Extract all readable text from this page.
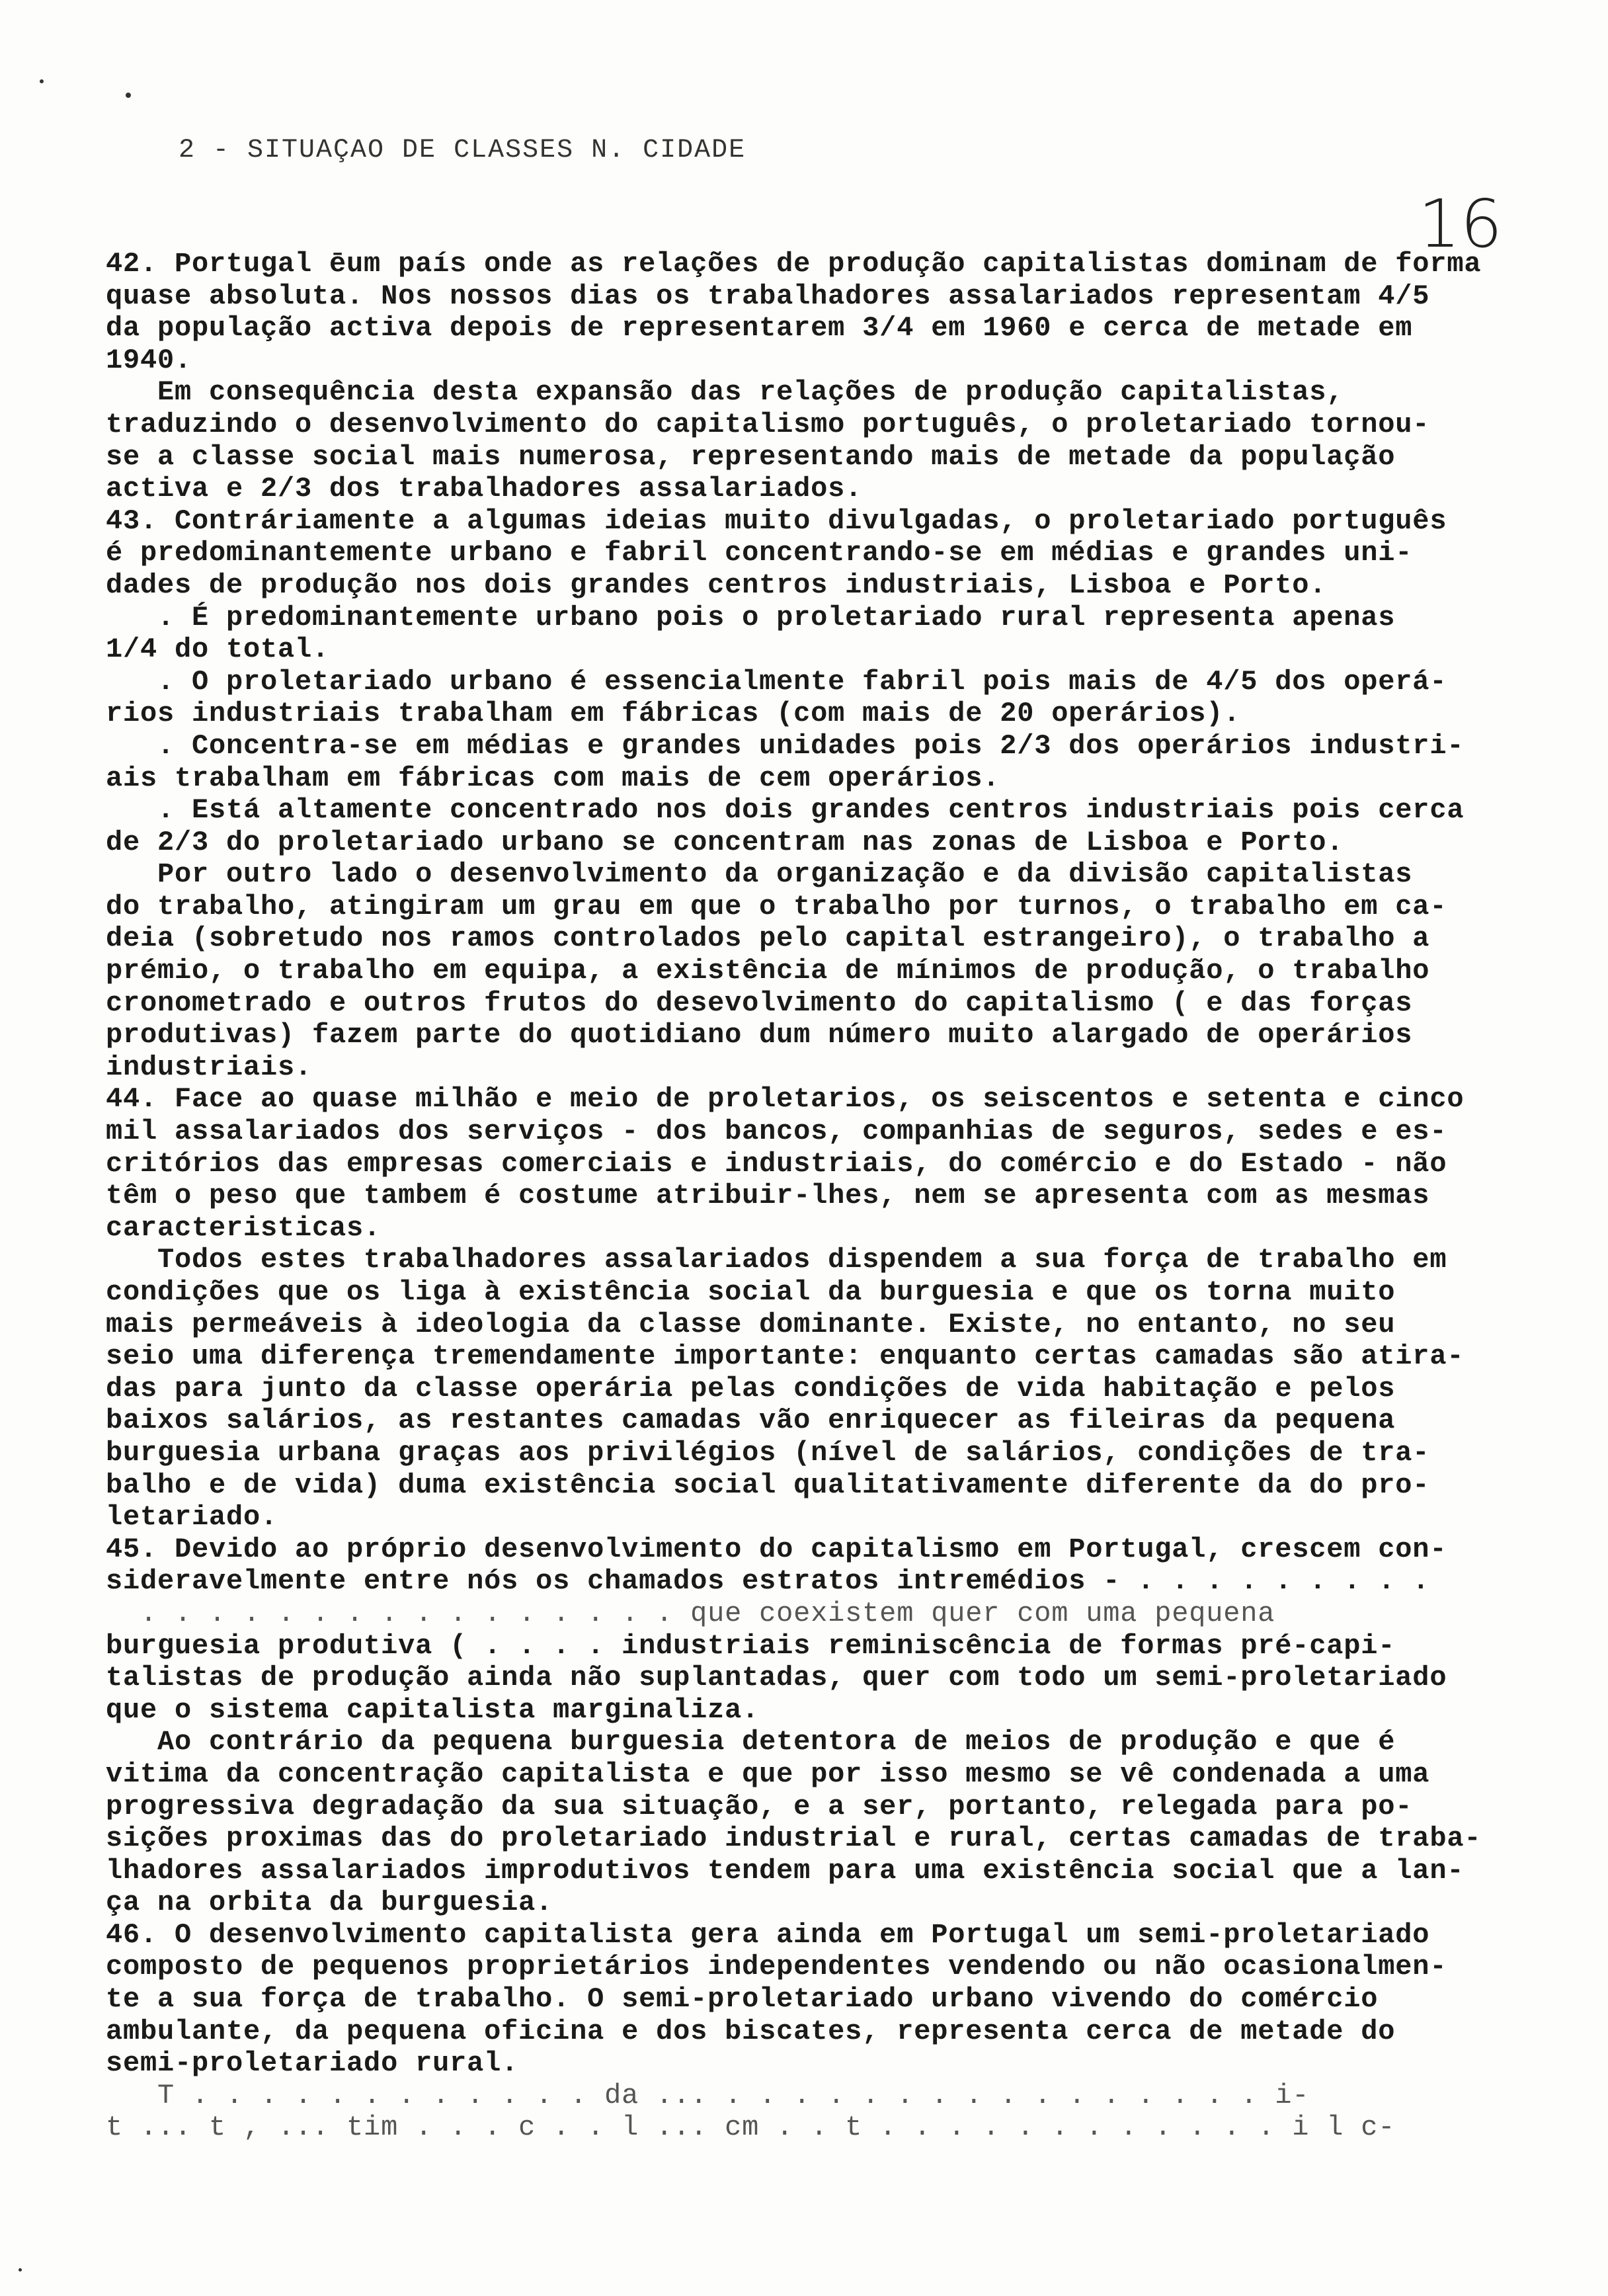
2 - SITUAÇAO DE CLASSES N. CIDADE
16
42. Portugal ēum país onde as relações de produção capitalistas dominam de forma
quase absoluta. Nos nossos dias os trabalhadores assalariados representam 4/5
da população activa depois de representarem 3/4 em 1960 e cerca de metade em
1940.
Em consequência desta expansão das relações de produção capitalistas,
traduzindo o desenvolvimento do capitalismo português, o proletariado tornou-
se a classe social mais numerosa, representando mais de metade da população
activa e 2/3 dos trabalhadores assalariados.
43. Contráriamente a algumas ideias muito divulgadas, o proletariado português
é predominantemente urbano e fabril concentrando-se em médias e grandes uni-
dades de produção nos dois grandes centros industriais, Lisboa e Porto.
. É predominantemente urbano pois o proletariado rural representa apenas
1/4 do total.
. O proletariado urbano é essencialmente fabril pois mais de 4/5 dos operá-
rios industriais trabalham em fábricas (com mais de 20 operários).
. Concentra-se em médias e grandes unidades pois 2/3 dos operários industri-
ais trabalham em fábricas com mais de cem operários.
. Está altamente concentrado nos dois grandes centros industriais pois cerca
de 2/3 do proletariado urbano se concentram nas zonas de Lisboa e Porto.
Por outro lado o desenvolvimento da organização e da divisão capitalistas
do trabalho, atingiram um grau em que o trabalho por turnos, o trabalho em ca-
deia (sobretudo nos ramos controlados pelo capital estrangeiro), o trabalho a
prémio, o trabalho em equipa, a existência de mínimos de produção, o trabalho
cronometrado e outros frutos do desevolvimento do capitalismo ( e das forças
produtivas) fazem parte do quotidiano dum número muito alargado de operários
industriais.
44. Face ao quase milhão e meio de proletarios, os seiscentos e setenta e cinco
mil assalariados dos serviços - dos bancos, companhias de seguros, sedes e es-
critórios das empresas comerciais e industriais, do comércio e do Estado - não
têm o peso que tambem é costume atribuir-lhes, nem se apresenta com as mesmas
caracteristicas.
Todos estes trabalhadores assalariados dispendem a sua força de trabalho em
condições que os liga à existência social da burguesia e que os torna muito
mais permeáveis à ideologia da classe dominante. Existe, no entanto, no seu
seio uma diferença tremendamente importante: enquanto certas camadas são atira-
das para junto da classe operária pelas condições de vida habitação e pelos
baixos salários, as restantes camadas vão enriquecer as fileiras da pequena
burguesia urbana graças aos privilégios (nível de salários, condições de tra-
balho e de vida) duma existência social qualitativamente diferente da do pro-
letariado.
45. Devido ao próprio desenvolvimento do capitalismo em Portugal, crescem con-
sideravelmente entre nós os chamados estratos intremédios - . . . . . . . . .
. . . . . . . . . . . . . . . . que coexistem quer com uma pequena
burguesia produtiva ( . . . . industriais reminiscência de formas pré-capi-
talistas de produção ainda não suplantadas, quer com todo um semi-proletariado
que o sistema capitalista marginaliza.
Ao contrário da pequena burguesia detentora de meios de produção e que é
vitima da concentração capitalista e que por isso mesmo se vê condenada a uma
progressiva degradação da sua situação, e a ser, portanto, relegada para po-
sições proximas das do proletariado industrial e rural, certas camadas de traba-
lhadores assalariados improdutivos tendem para uma existência social que a lan-
ça na orbita da burguesia.
46. O desenvolvimento capitalista gera ainda em Portugal um semi-proletariado
composto de pequenos proprietários independentes vendendo ou não ocasionalmen-
te a sua força de trabalho. O semi-proletariado urbano vivendo do comércio
ambulante, da pequena oficina e dos biscates, representa cerca de metade do
semi-proletariado rural.
T . . . . . . . . . . . . da ... . . . . . . . . . . . . . . . . i-
t ... t , ... tim . . . c . . l ... cm . . t . . . . . . . . . . . . i l c-
